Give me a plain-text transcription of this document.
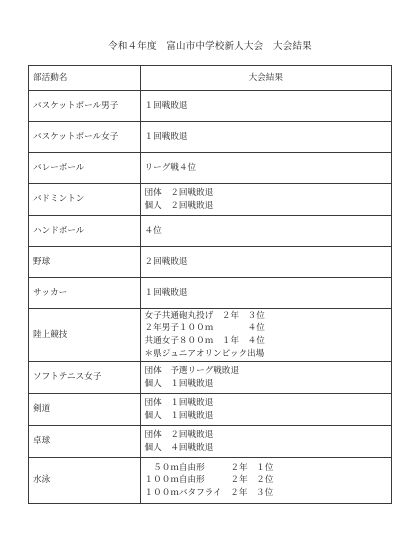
令和４年度　富山市中学校新人大会　大会結果
部活動名	大会結果
バスケットボール男子	１回戦敗退

バスケットボール女子	１回戦敗退

バレーボール	リーグ戦４位

バドミントン	団体　２回戦敗退
個人　２回戦敗退

ハンドボール	４位

野球	２回戦敗退

サッカー	１回戦敗退

陸上競技	女子共通砲丸投げ　２年　３位
２年男子１００ｍ　　　　４位
共通女子８００ｍ　１年　４位
＊県ジュニアオリンピック出場

ソフトテニス女子	団体　予選リーグ戦敗退
個人　１回戦敗退

剣道	団体　１回戦敗退
個人　１回戦敗退

卓球	団体　２回戦敗退
個人　４回戦敗退

水泳	　５０ｍ自由形　　　２年　１位
１００ｍ自由形　　　２年　２位
１００ｍバタフライ　２年　３位
